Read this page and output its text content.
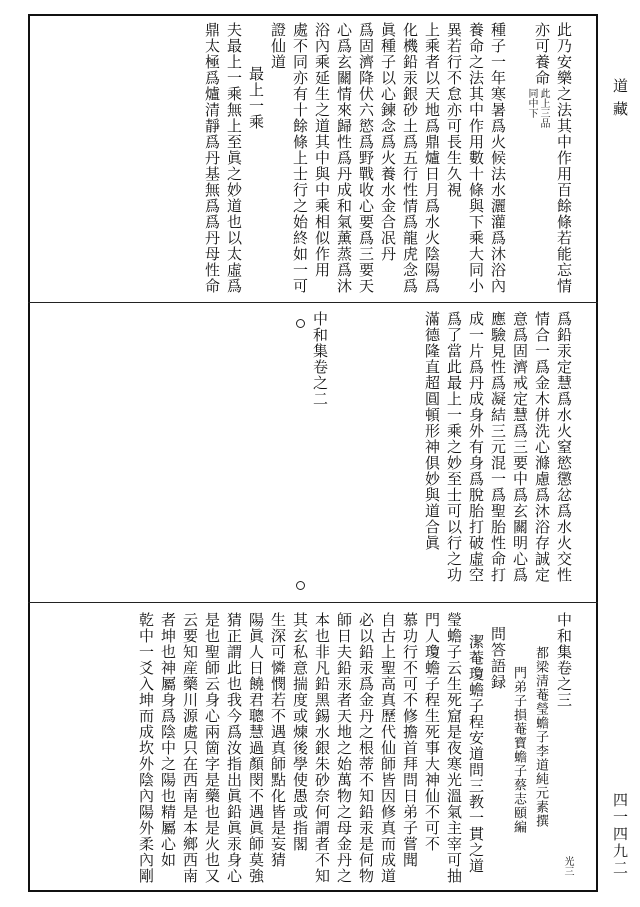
道藏
四一四九二
此乃安樂之法其中作用百餘條若能忘情
亦可養命
此上三品
同中下
種子一年寒暑爲火候法水灑灌爲沐浴內
養命之法其中作用數十條與下乘大同小
異若行不怠亦可長生久視
上乘者以天地爲鼎爐日月爲水火陰陽爲
化機鉛汞銀砂土爲五行性情爲龍虎念爲
眞種子以心鍊念爲火養水金合冺丹
爲固濟降伏六慾爲野戰收心要爲三要天
心爲玄關情來歸性爲丹成和氣薰蒸爲沐
浴內乘延生之道其中與中乘相似作用
處不同亦有十餘條上士行之始終如一可
證仙道
最上一乘
夫最上一乘無上至眞之妙道也以太虛爲
鼎太極爲爐清靜爲丹基無爲爲丹母性命
爲鉛汞定慧爲水火窒慾懲忿爲水火交性
情合一爲金木併洗心滌慮爲沐浴存誠定
意爲固濟戒定慧爲三要中爲玄關明心爲
應驗見性爲凝結三元混一爲聖胎性命打
成一片爲丹成身外有身爲脫胎打破虛空
爲了當此最上一乘之妙至士可以行之功
滿德隆直超圓頓形神俱妙與道合眞
中和集卷之二
中和集卷之三
光三
都梁清菴瑩蟾子李道純元素撰
門弟子損菴寶蟾子蔡志頤編
問答語録
潔菴瓊蟾子程安道問三教一貫之道
瑩蟾子云生死窟是夜寒光溫氣主宰可抽
門人瓊蟾子程生死事大神仙不可不
慕功行不可不修擔首拜問日弟子嘗聞
自古上聖高真歷代仙師皆因修真而成道
必以鉛汞爲金丹之根蒂不知鉛汞是何物
師日夫鉛汞者天地之始萬物之母金丹之
本也非凡鉛黑錫水銀朱砂奈何謂者不知
其玄私意揣度或煉後學使愚或指閣
生深可憐憫若不遇真師點化皆是妄猜
陽眞人日饒君聰慧過顏閔不遇眞師莫強
猜正謂此也我今爲汝指出眞鉛眞汞身心
是也聖師云身心兩箇字是藥也是火也又
云要知産藥川源處只在西南是本鄉西南
者坤也神屬身爲陰中之陽也精屬心如
乾中一爻入坤而成坎外陰內陽外柔內剛
